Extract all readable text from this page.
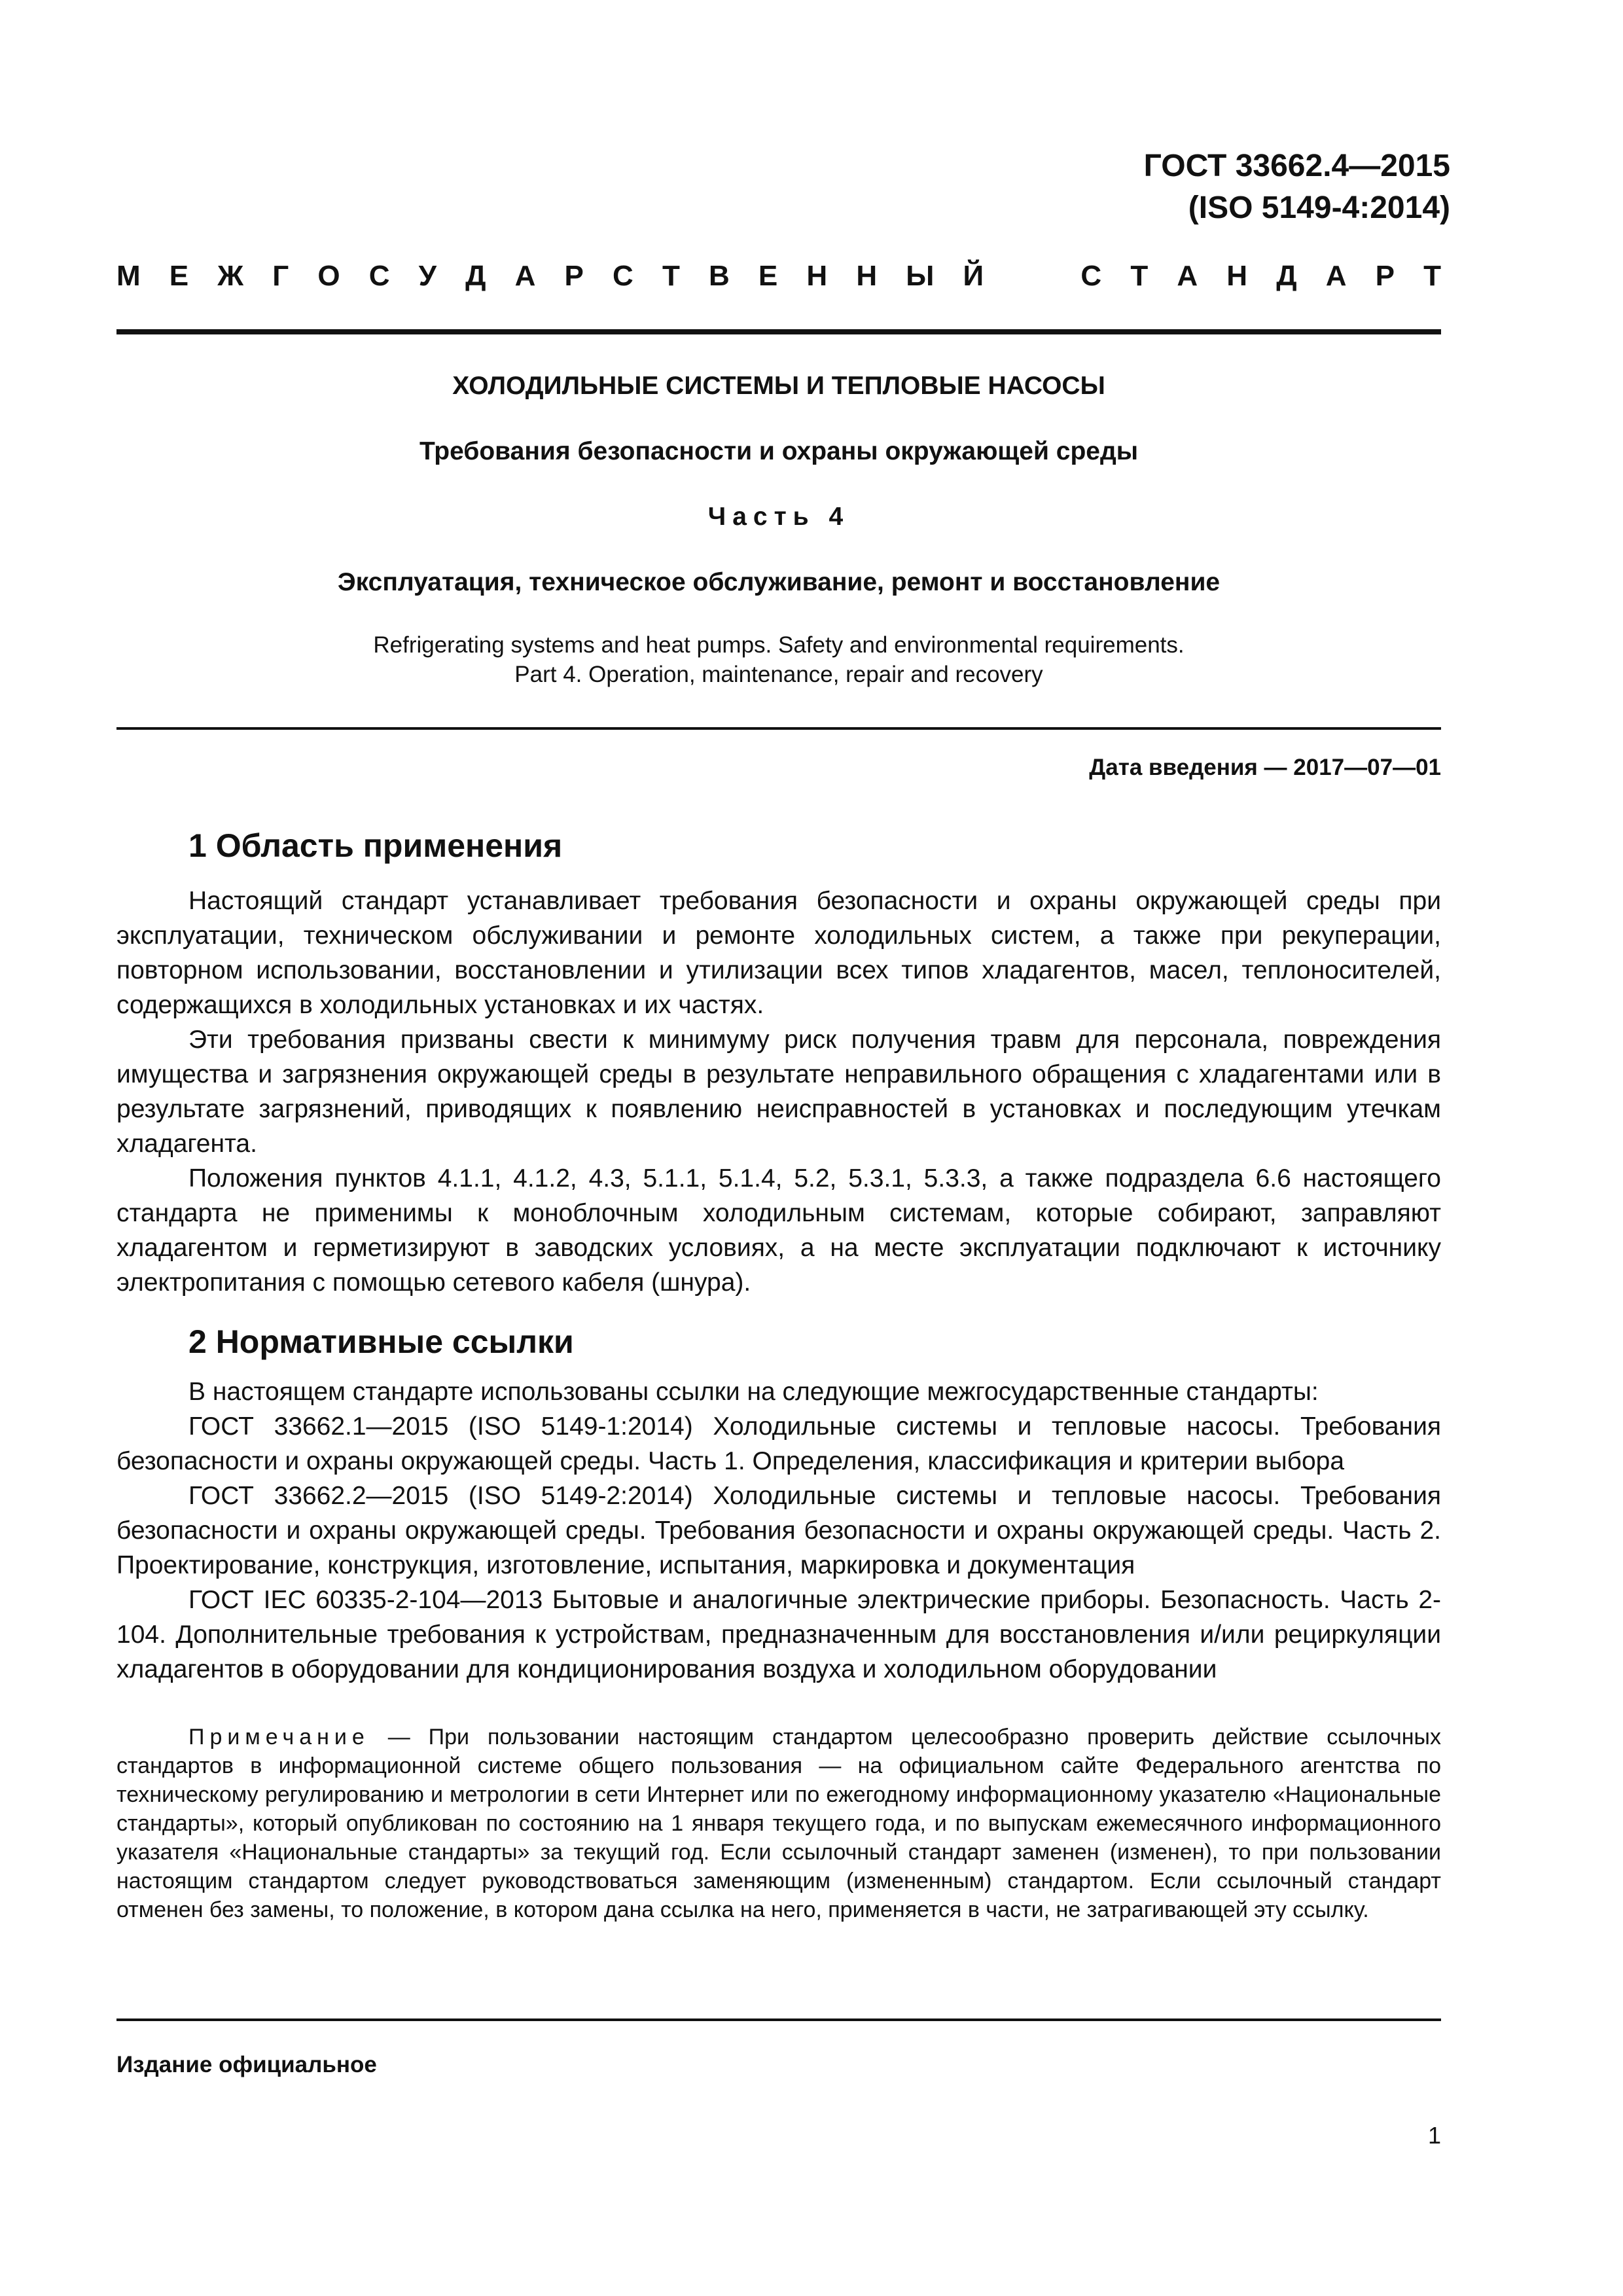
ГОСТ 33662.4—2015
(ISO 5149-4:2014)
М Е Ж Г О С У Д А Р С Т В Е Н Н Ы Й	С Т А Н Д А Р Т
ХОЛОДИЛЬНЫЕ СИСТЕМЫ И ТЕПЛОВЫЕ НАСОСЫ
Требования безопасности и охраны окружающей среды
Часть 4
Эксплуатация, техническое обслуживание, ремонт и восстановление
Refrigerating systems and heat pumps. Safety and environmental requirements.
Part 4. Operation, maintenance, repair and recovery
Дата введения — 2017—07—01
1 Область применения

Настоящий стандарт устанавливает требования безопасности и охраны окружающей среды при эксплуатации, техническом обслуживании и ремонте холодильных систем, а также при рекуперации, повторном использовании, восстановлении и утилизации всех типов хладагентов, масел, теплоносителей, содержащихся в холодильных установках и их частях.

Эти требования призваны свести к минимуму риск получения травм для персонала, повреждения имущества и загрязнения окружающей среды в результате неправильного обращения с хладагентами или в результате загрязнений, приводящих к появлению неисправностей в установках и последующим утечкам хладагента.

Положения пунктов 4.1.1, 4.1.2, 4.3, 5.1.1, 5.1.4, 5.2, 5.3.1, 5.3.3, а также подраздела 6.6 настоящего стандарта не применимы к моноблочным холодильным системам, которые собирают, заправляют хладагентом и герметизируют в заводских условиях, а на месте эксплуатации подключают к источнику электропитания с помощью сетевого кабеля (шнура).

2 Нормативные ссылки

В настоящем стандарте использованы ссылки на следующие межгосударственные стандарты:

ГОСТ 33662.1—2015 (ISO 5149-1:2014) Холодильные системы и тепловые насосы. Требования безопасности и охраны окружающей среды. Часть 1. Определения, классификация и критерии выбора

ГОСТ 33662.2—2015 (ISO 5149-2:2014) Холодильные системы и тепловые насосы. Требования безопасности и охраны окружающей среды. Требования безопасности и охраны окружающей среды. Часть 2. Проектирование, конструкция, изготовление, испытания, маркировка и документация

ГОСТ IEC 60335-2-104—2013 Бытовые и аналогичные электрические приборы. Безопасность. Часть 2-104. Дополнительные требования к устройствам, предназначенным для восстановления и/или рециркуляции хладагентов в оборудовании для кондиционирования воздуха и холодильном оборудовании

Примечание — При пользовании настоящим стандартом целесообразно проверить действие ссылочных стандартов в информационной системе общего пользования — на официальном сайте Федерального агентства по техническому регулированию и метрологии в сети Интернет или по ежегодному информационному указателю «Национальные стандарты», который опубликован по состоянию на 1 января текущего года, и по выпускам ежемесячного информационного указателя «Национальные стандарты» за текущий год. Если ссылочный стандарт заменен (изменен), то при пользовании настоящим стандартом следует руководствоваться заменяющим (измененным) стандартом. Если ссылочный стандарт отменен без замены, то положение, в котором дана ссылка на него, применяется в части, не затрагивающей эту ссылку.
Издание официальное
1
